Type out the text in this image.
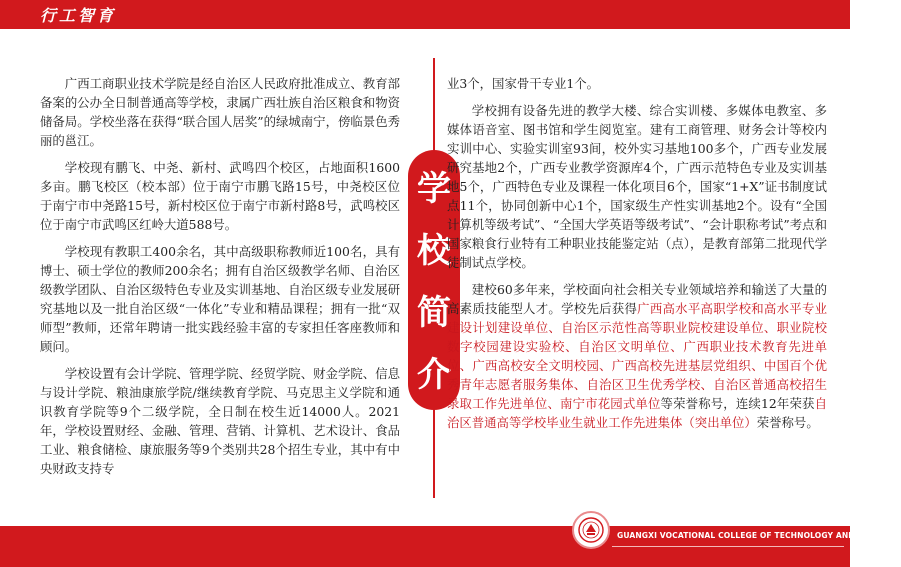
行工智育

广西工商职业技术学院是经自治区人民政府批准成立、教育部备案的公办全日制普通高等学校，隶属广西壮族自治区粮食和物资储备局。学校坐落在获得“联合国人居奖”的绿城南宁，傍临景色秀丽的邕江。

学校现有鹏飞、中尧、新村、武鸣四个校区，占地面积1600多亩。鹏飞校区（校本部）位于南宁市鹏飞路15号，中尧校区位于南宁市中尧路15号，新村校区位于南宁市新村路8号，武鸣校区位于南宁市武鸣区红岭大道588号。

学校现有教职工400余名，其中高级职称教师近100名，具有博士、硕士学位的教师200余名；拥有自治区级教学名师、自治区级教学团队、自治区级特色专业及实训基地、自治区级专业发展研究基地以及一批自治区级“一体化”专业和精品课程；拥有一批“双师型”教师，还常年聘请一批实践经验丰富的专家担任客座教师和顾问。

学校设置有会计学院、管理学院、经贸学院、财金学院、信息与设计学院、粮油康旅学院/继续教育学院、马克思主义学院和通识教育学院等9个二级学院，全日制在校生近14000人。2021年，学校设置财经、金融、管理、营销、计算机、艺术设计、食品工业、粮食储检、康旅服务等9个类别共28个招生专业，其中有中央财政支持专

学
校
简
介

业3个，国家骨干专业1个。

学校拥有设备先进的教学大楼、综合实训楼、多媒体电教室、多媒体语音室、图书馆和学生阅览室。建有工商管理、财务会计等校内实训中心、实验实训室93间，校外实习基地100多个，广西专业发展研究基地2个，广西专业教学资源库4个，广西示范特色专业及实训基地5个，广西特色专业及课程一体化项目6个，国家“1+X”证书制度试点11个，协同创新中心1个，国家级生产性实训基地2个。设有“全国计算机等级考试”、“全国大学英语等级考试”、“会计职称考试”考点和国家粮食行业特有工种职业技能鉴定站（点），是教育部第二批现代学徒制试点学校。

建校60多年来，学校面向社会相关专业领域培养和输送了大量的高素质技能型人才。学校先后获得广西高水平高职学校和高水平专业建设计划建设单位、自治区示范性高等职业院校建设单位、职业院校数字校园建设实验校、自治区文明单位、广西职业技术教育先进单位、广西高校安全文明校园、广西高校先进基层党组织、中国百个优秀青年志愿者服务集体、自治区卫生优秀学校、自治区普通高校招生录取工作先进单位、南宁市花园式单位等荣誉称号，连续12年荣获自治区普通高等学校毕业生就业工作先进集体（突出单位）荣誉称号。

GUANGXI VOCATIONAL COLLEGE OF TECHNOLOGY AND BUSINESS
